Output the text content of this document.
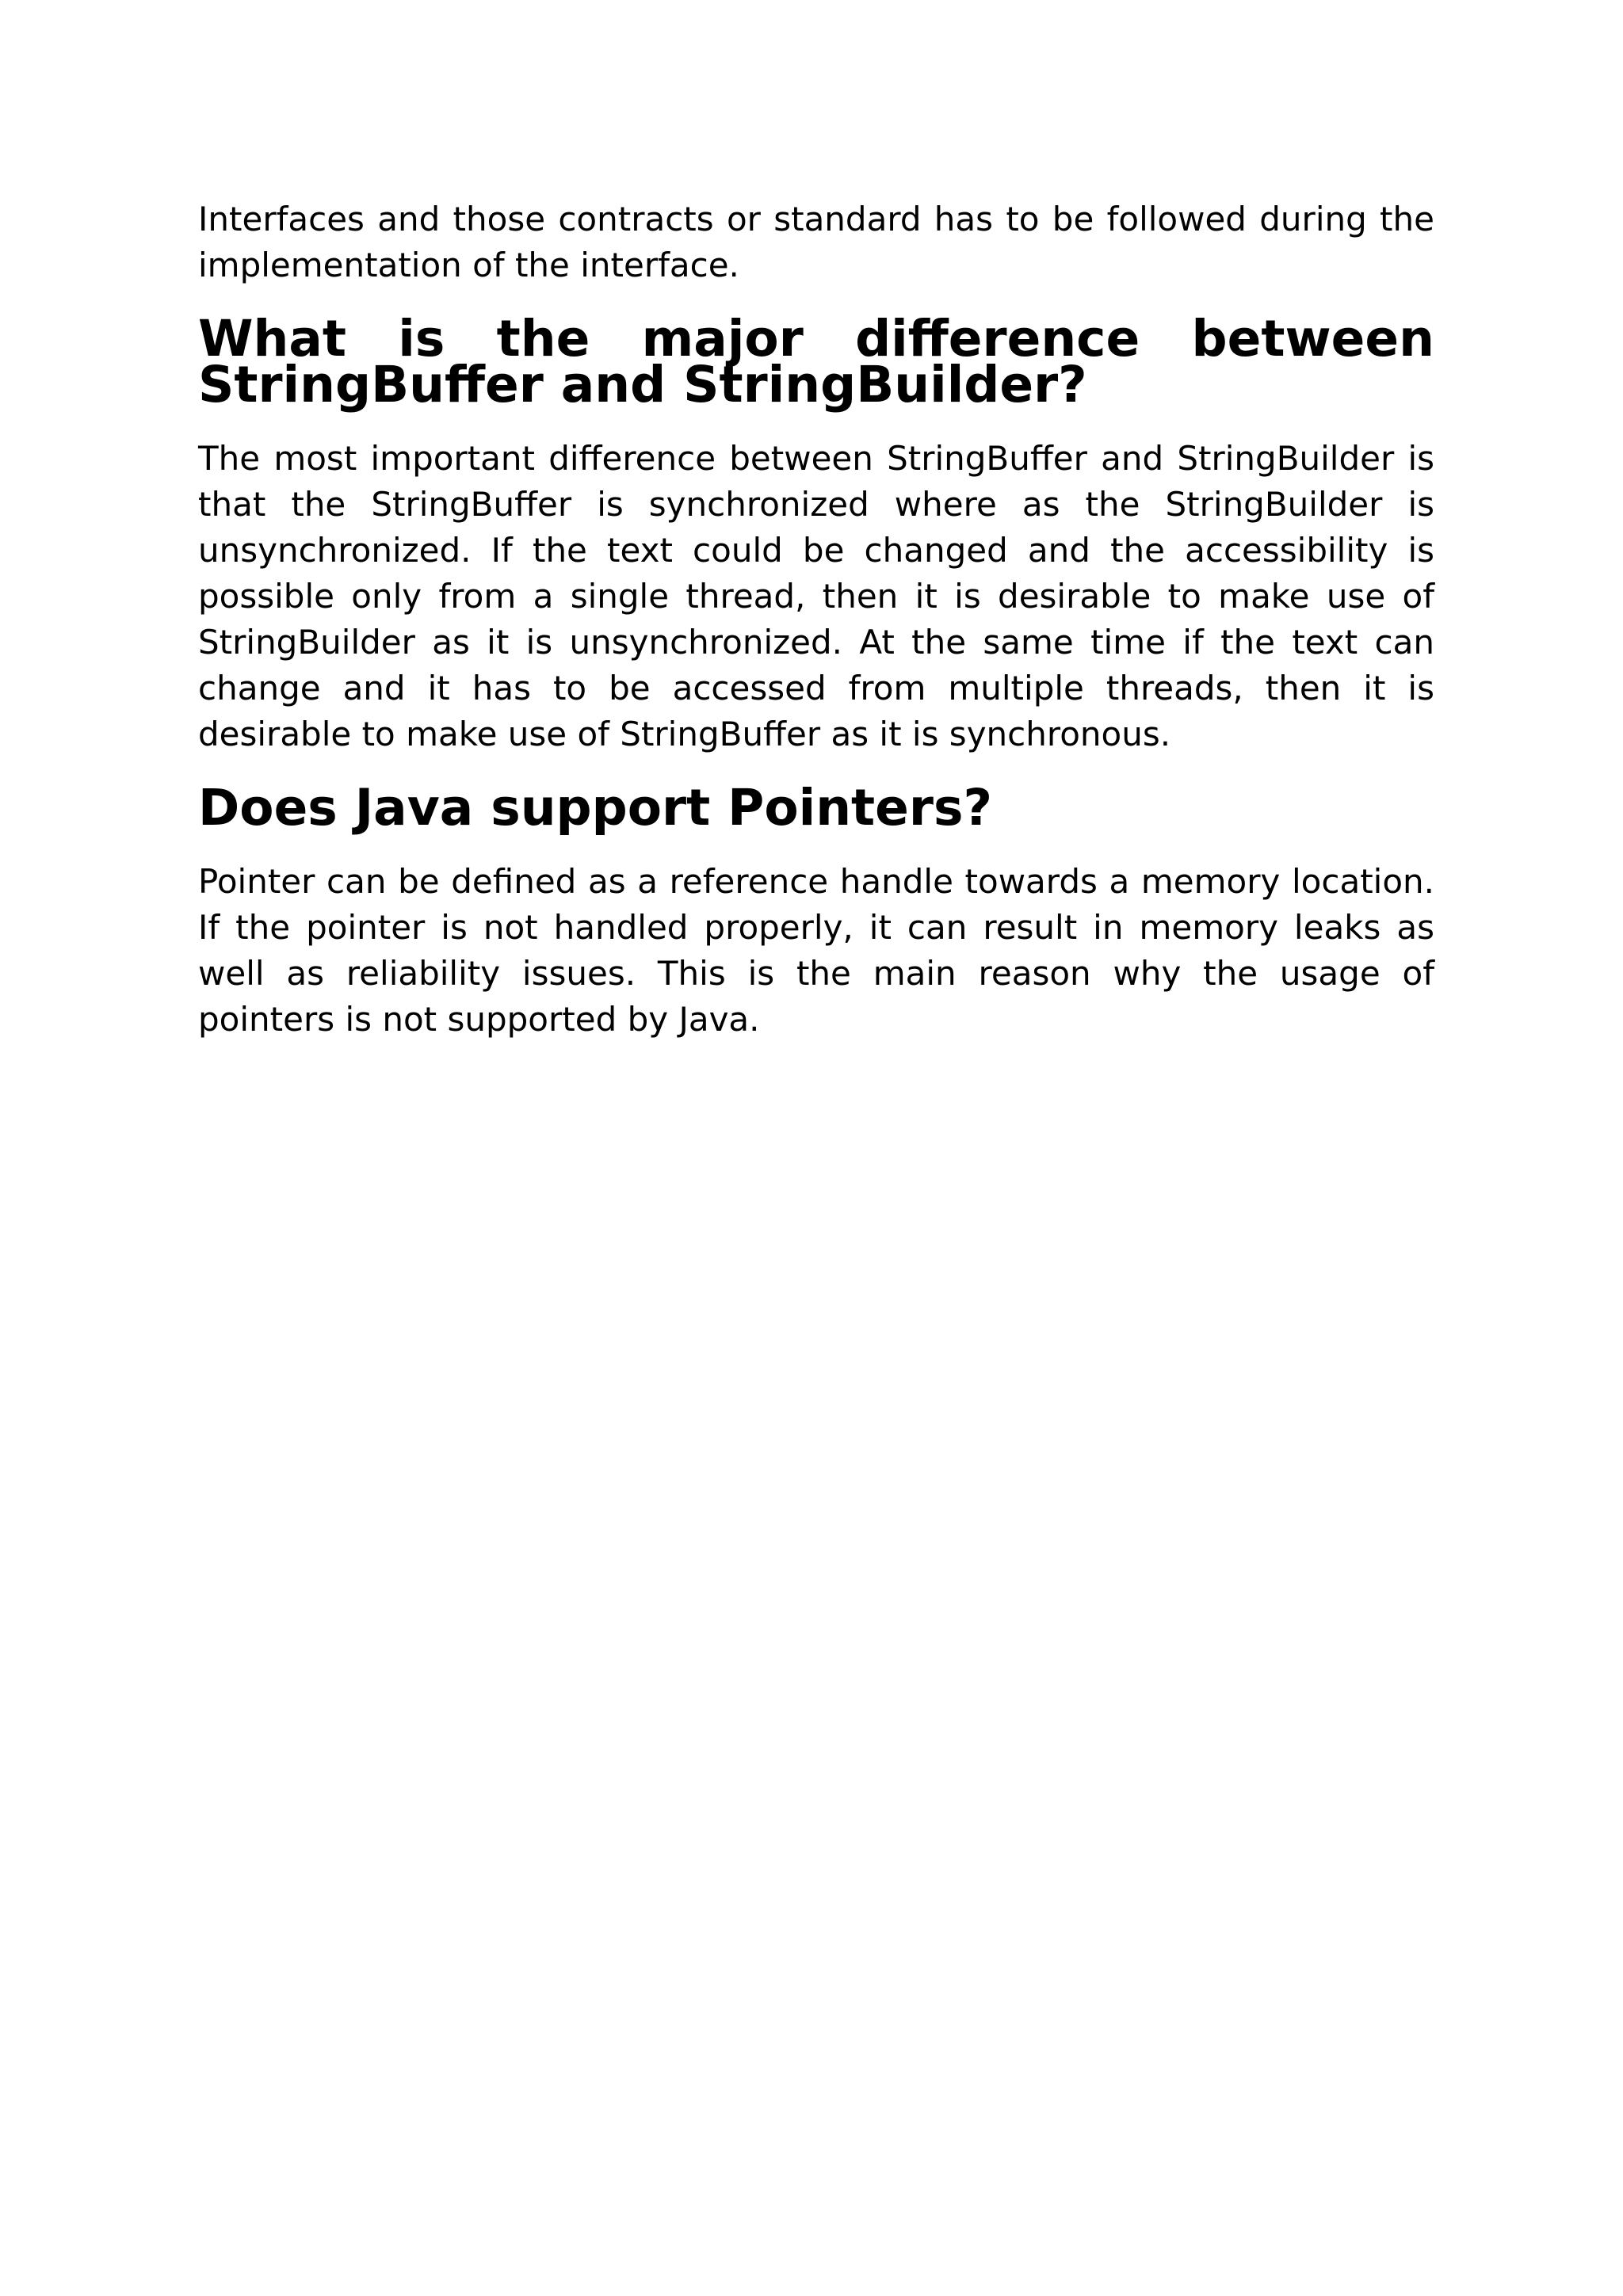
Interfaces and those contracts or standard has to be followed during the implementation of the interface.

What is the major difference between StringBuffer and StringBuilder?

The most important difference between StringBuffer and StringBuilder is that the StringBuffer is synchronized where as the StringBuilder is unsynchronized. If the text could be changed and the accessibility is possible only from a single thread, then it is desirable to make use of StringBuilder as it is unsynchronized. At the same time if the text can change and it has to be accessed from multiple threads, then it is desirable to make use of StringBuffer as it is synchronous.

Does Java support Pointers?

Pointer can be defined as a reference handle towards a memory location. If the pointer is not handled properly, it can result in memory leaks as well as reliability issues. This is the main reason why the usage of pointers is not supported by Java.
